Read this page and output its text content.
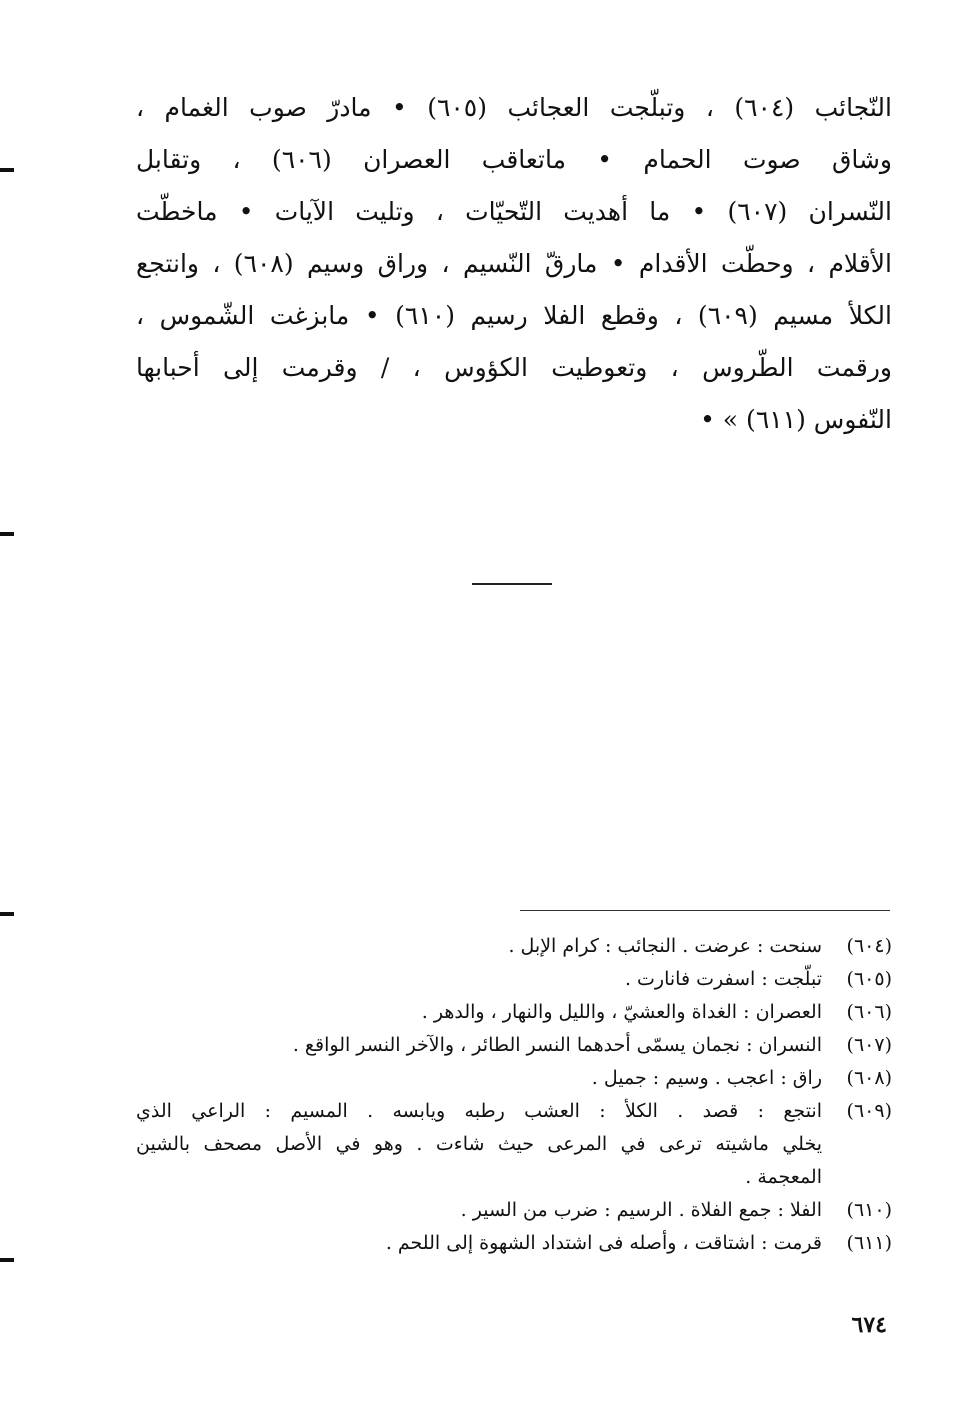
النّجائب (٦٠٤) ، وتبلّجت العجائب (٦٠٥) • مادرّ صوب الغمام ،
وشاق صوت الحمام • ماتعاقب العصران (٦٠٦) ، وتقابل
النّسران (٦٠٧) • ما أهديت التّحيّات ، وتليت الآيات • ماخطّت
الأقلام ، وحطّت الأقدام • مارقّ النّسيم ، وراق وسيم (٦٠٨) ، وانتجع
الكلأ مسيم (٦٠٩) ، وقطع الفلا رسيم (٦١٠) • مابزغت الشّموس ،
ورقمت الطّروس ، وتعوطيت الكؤوس ، / وقرمت إلى أحبابها
النّفوس (٦١١) » •
(٦٠٤)
سنحت : عرضت . النجائب : كرام الإبل .
(٦٠٥)
تبلّجت : اسفرت فانارت .
(٦٠٦)
العصران : الغداة والعشيّ ، والليل والنهار ، والدهر .
(٦٠٧)
النسران : نجمان يسمّى أحدهما النسر الطائر ، والآخر النسر الواقع .
(٦٠٨)
راق : اعجب . وسيم : جميل .
(٦٠٩)
انتجع : قصد . الكلأ : العشب رطبه ويابسه . المسيم : الراعي الذي
يخلي ماشيته ترعى في المرعى حيث شاءت . وهو في الأصل مصحف بالشين
المعجمة .
(٦١٠)
الفلا : جمع الفلاة . الرسيم : ضرب من السير .
(٦١١)
قرمت : اشتاقت ، وأصله فى اشتداد الشهوة إلى اللحم .
٦٧٤
